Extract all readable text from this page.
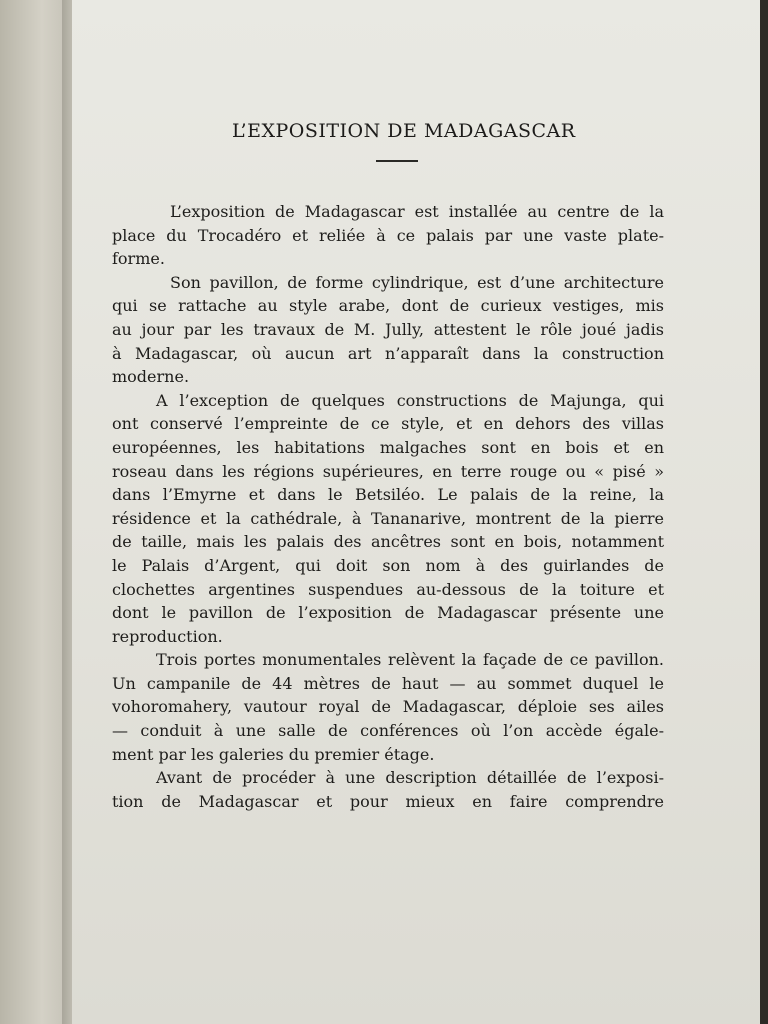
L’EXPOSITION DE MADAGASCAR
L’exposition de Madagascar est installée au centre de la
place du Trocadéro et reliée à ce palais par une vaste plate-
forme.
Son pavillon, de forme cylindrique, est d’une architecture
qui se rattache au style arabe, dont de curieux vestiges, mis
au jour par les travaux de M. Jully, attestent le rôle joué jadis
à Madagascar, où aucun art n’apparaît dans la construction
moderne.
A l’exception de quelques constructions de Majunga, qui
ont conservé l’empreinte de ce style, et en dehors des villas
européennes, les habitations malgaches sont en bois et en
roseau dans les régions supérieures, en terre rouge ou « pisé »
dans l’Emyrne et dans le Betsiléo. Le palais de la reine, la
résidence et la cathédrale, à Tananarive, montrent de la pierre
de taille, mais les palais des ancêtres sont en bois, notamment
le Palais d’Argent, qui doit son nom à des guirlandes de
clochettes argentines suspendues au-dessous de la toiture et
dont le pavillon de l’exposition de Madagascar présente une
reproduction.
Trois portes monumentales relèvent la façade de ce pavillon.
Un campanile de 44 mètres de haut — au sommet duquel le
vohoromahery, vautour royal de Madagascar, déploie ses ailes
— conduit à une salle de conférences où l’on accède égale-
ment par les galeries du premier étage.
Avant de procéder à une description détaillée de l’exposi-
tion de Madagascar et pour mieux en faire comprendre
